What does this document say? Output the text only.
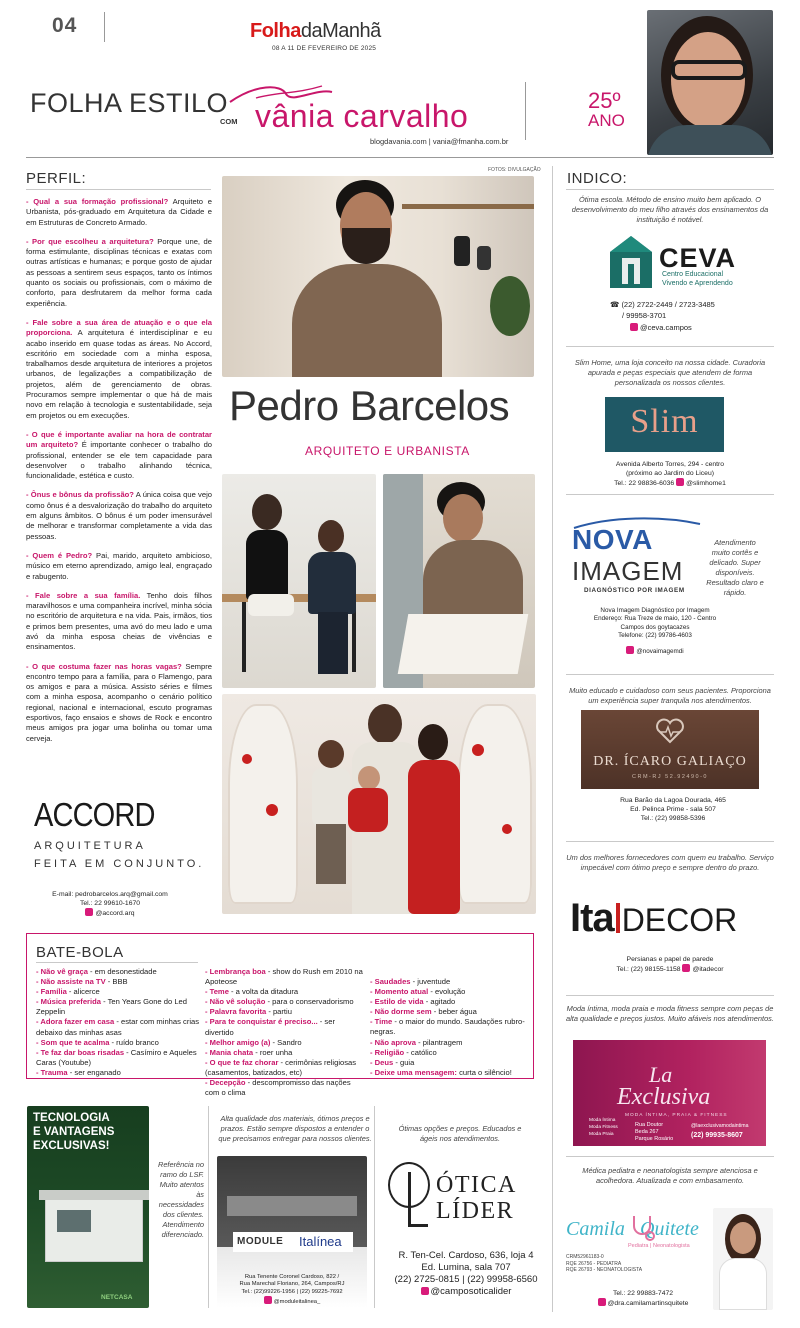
04	FolhadaManhã
08 A 11 DE FEVEREIRO DE 2025
FOLHA ESTILO
COM vânia carvalho
blogdavania.com | vania@fmanha.com.br
25º
ANO
PERFIL:

- Qual a sua formação profissional? Arquiteto e Urbanista, pós-graduado em Arquitetura da Cidade e em Estruturas de Concreto Armado.

- Por que escolheu a arquitetura? Porque une, de forma estimulante, disciplinas técnicas e exatas com outras artísticas e humanas; e porque gosto de ajudar as pessoas a sentirem seus espaços, tanto os íntimos quanto os sociais ou profissionais, com o máximo de conforto, para desfrutarem da melhor forma cada experiência.

- Fale sobre a sua área de atuação e o que ela proporciona. A arquitetura é interdisciplinar e eu acabo inserido em quase todas as áreas. No Accord, escritório em sociedade com a minha esposa, trabalhamos desde arquitetura de interiores a projetos urbanos, de legalizações a compatibilização de projetos, além de gerenciamento de obras. Procuramos sempre implementar o que há de mais novo em relação à tecnologia e sustentabilidade, seja em projetos ou em execuções.

- O que é importante avaliar na hora de contratar um arquiteto? É importante conhecer o trabalho do profissional, entender se ele tem capacidade para desenvolver o trabalho alinhando técnica, funcionalidade, estética e custo.

- Ônus e bônus da profissão? A única coisa que vejo como ônus é a desvalorização do trabalho do arquiteto em alguns âmbitos. O bônus é um poder imensurável de melhorar e transformar completamente a vida das pessoas.

- Quem é Pedro? Pai, marido, arquiteto ambicioso, músico em eterno aprendizado, amigo leal, engraçado e rabugento.

- Fale sobre a sua família. Tenho dois filhos maravilhosos e uma companheira incrível, minha sócia no escritório de arquitetura e na vida. Pais, irmãos, tios e primos bem presentes, uma avó do meu lado e uma avó da minha esposa cheias de vivências e ensinamentos.

- O que costuma fazer nas horas vagas? Sempre encontro tempo para a família, para o Flamengo, para os amigos e para a música. Assisto séries e filmes com a minha esposa, acompanho o cenário político regional, nacional e internacional, escuto programas esportivos, faço ensaios e shows de Rock e encontro meus amigos pra jogar uma bolinha ou tomar uma cerveja.

ACCORD
ARQUITETURA
FEITA EM CONJUNTO.
E-mail: pedrobarcelos.arq@gmail.com
Tel.: 22 99610-1670
@accord.arq
FOTOS: DIVULGAÇÃO
Pedro Barcelos
ARQUITETO E URBANISTA
BATE-BOLA
- Não vê graça - em desonestidade
- Não assiste na TV - BBB
- Família - alicerce
- Música preferida - Ten Years Gone do Led Zeppelin
- Adora fazer em casa - estar com minhas crias debaixo das minhas asas
- Som que te acalma - ruído branco
- Te faz dar boas risadas - Casímiro e Aqueles Caras (Youtube)
- Trauma - ser enganado
- Lembrança boa - show do Rush em 2010 na Apoteose
- Teme - a volta da ditadura
- Não vê solução - para o conservadorismo
- Palavra favorita - partiu
- Para te conquistar é preciso... - ser divertido
- Melhor amigo (a) - Sandro
- Mania chata - roer unha
- O que te faz chorar - cerimônias religiosas (casamentos, batizados, etc)
- Decepção - descompromisso das nações com o clima
- Saudades - juventude
- Momento atual - evolução
- Estilo de vida - agitado
- Não dorme sem - beber água
- Time - o maior do mundo. Saudações rubro-negras.
- Não aprova - pilantragem
- Religião - católico
- Deus - guia
- Deixe uma mensagem: curta o silêncio!
TECNOLOGIA
E VANTAGENS
EXCLUSIVAS!
NETCASA
Referência no ramo do LSF. Muito atentos às necessidades dos clientes. Atendimento diferenciado.
Alta qualidade dos materiais, ótimos preços e prazos. Estão sempre dispostos a entender o que precisamos entregar para nossos clientes.
MODULE Italínea
Rua Tenente Coronel Cardoso, 822 /
Rua Marechal Floriano, 264, Campos/RJ
Tel.: (22)99226-1956 | (22) 99225-7692
@moduleitalinea_
Ótimas opções e preços. Educados e ágeis nos atendimentos.
ÓTICA
LÍDER
R. Ten-Cel. Cardoso, 636, loja 4
Ed. Lumina, sala 707
(22) 2725-0815 | (22) 99958-6560
@camposoticalider
INDICO:
Ótima escola. Método de ensino muito bem aplicado. O desenvolvimento do meu filho através dos ensinamentos da instituição é notável.
CEVA
Centro Educacional
Vivendo e Aprendendo
☎ (22) 2722-2449 / 2723-3485
/ 99958-3701
@ceva.campos
Slim Home, uma loja conceito na nossa cidade. Curadoria apurada e peças especiais que atendem de forma personalizada os nossos clientes.
Slim
Avenida Alberto Torres, 294 - centro
(próximo ao Jardim do Liceu)
Tel.: 22 98836-6036 @slimhome1
NOVA
IMAGEM
DIAGNÓSTICO POR IMAGEM
Atendimento muito cortês e delicado. Super disponíveis. Resultado claro e rápido.
Nova Imagem Diagnóstico por Imagem
Endereço: Rua Treze de maio, 120 - Centro
Campos dos goytacazes
Telefone: (22) 99786-4603
@novaimagemdi
Muito educado e cuidadoso com seus pacientes. Proporciona um experiência super tranquila nos atendimentos.
DR. ÍCARO GALIAÇO
CRM-RJ 52.92490-0
Rua Barão da Lagoa Dourada, 465
Ed. Pelinca Prime - sala 507
Tel.: (22) 99858-5396
Um dos melhores fornecedores com quem eu trabalho. Serviço impecável com ótimo preço e sempre dentro do prazo.
Ita DECOR
Persianas e papel de parede
Tel.: (22) 98155-1158 @itadecor
Moda íntima, moda praia e moda fitness sempre com peças de alta qualidade e preços justos. Muito afáveis nos atendimentos.
La
Exclusiva
MODA ÍNTIMA, PRAIA & FITNESS
Moda Íntima
Moda Fitness
Moda Praia
Rua Doutor
Beda 267
Parque Rosário
@laexclusivamodaintima
(22) 99935-8607
Médica pediatra e neonatologista sempre atenciosa e acolhedora. Atualizada e com embasamento.
Camila Quitete
Pediatra | Neonatologista
CRM52961183-0
RQE 26756 - PEDIATRA
RQE 26793 - NEONATOLOGISTA
Tel.: 22 99883-7472
@dra.camilamartinsquitete
